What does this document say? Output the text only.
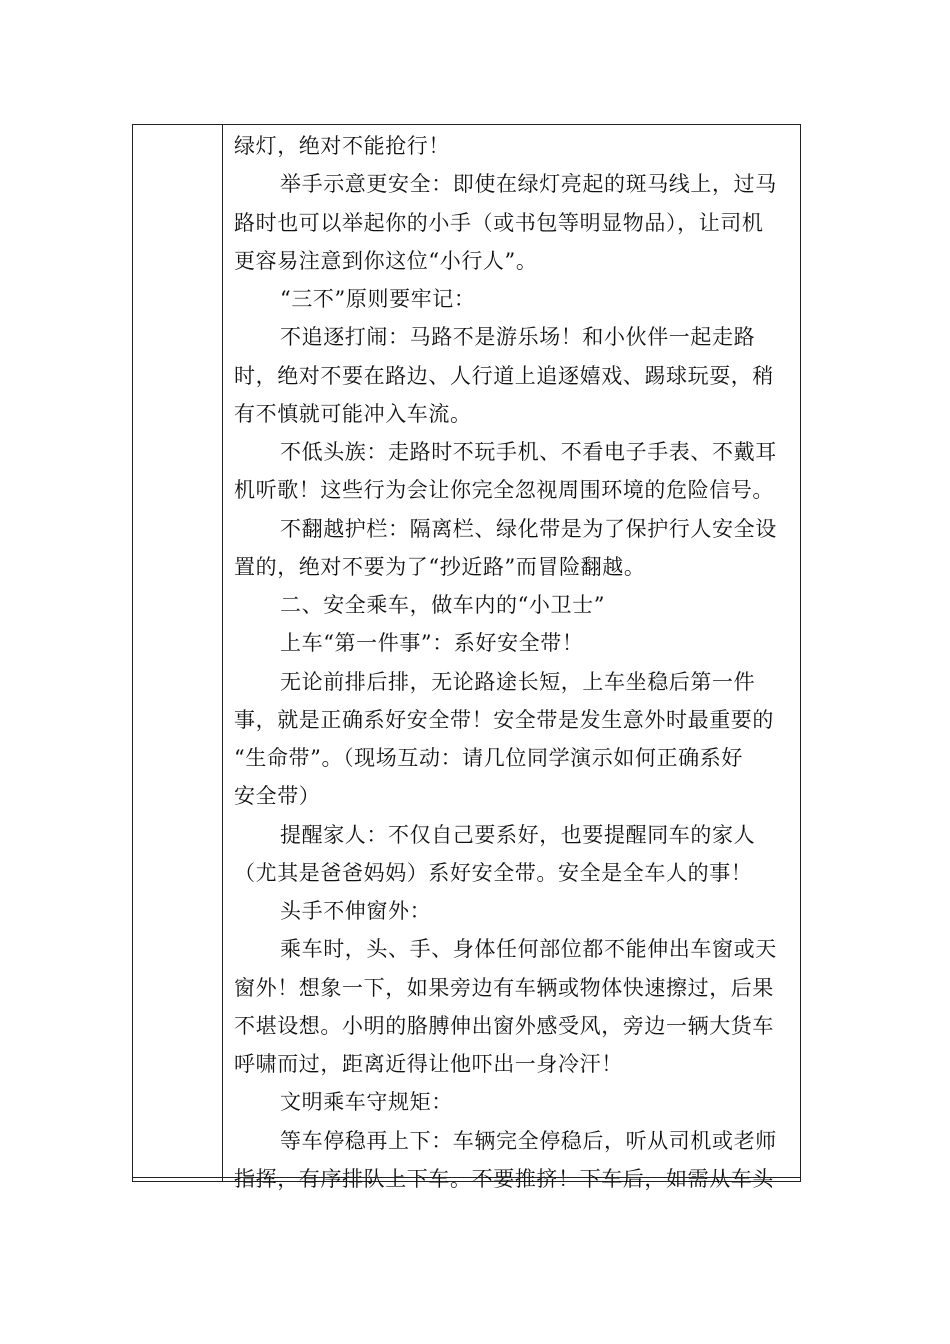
绿灯，绝对不能抢行！
举手示意更安全：即使在绿灯亮起的斑马线上，过马
路时也可以举起你的小手（或书包等明显物品），让司机
更容易注意到你这位“小行人”。
“三不”原则要牢记：
不追逐打闹：马路不是游乐场！和小伙伴一起走路
时，绝对不要在路边、人行道上追逐嬉戏、踢球玩耍，稍
有不慎就可能冲入车流。
不低头族：走路时不玩手机、不看电子手表、不戴耳
机听歌！这些行为会让你完全忽视周围环境的危险信号。
不翻越护栏：隔离栏、绿化带是为了保护行人安全设
置的，绝对不要为了“抄近路”而冒险翻越。
二、安全乘车，做车内的“小卫士”
上车“第一件事”：系好安全带！
无论前排后排，无论路途长短，上车坐稳后第一件
事，就是正确系好安全带！安全带是发生意外时最重要的
“生命带”。（现场互动：请几位同学演示如何正确系好
安全带）
提醒家人：不仅自己要系好，也要提醒同车的家人
（尤其是爸爸妈妈）系好安全带。安全是全车人的事！
头手不伸窗外：
乘车时，头、手、身体任何部位都不能伸出车窗或天
窗外！想象一下，如果旁边有车辆或物体快速擦过，后果
不堪设想。小明的胳膊伸出窗外感受风，旁边一辆大货车
呼啸而过，距离近得让他吓出一身冷汗！
文明乘车守规矩：
等车停稳再上下：车辆完全停稳后，听从司机或老师
指挥，有序排队上下车。不要推挤！下车后，如需从车头
